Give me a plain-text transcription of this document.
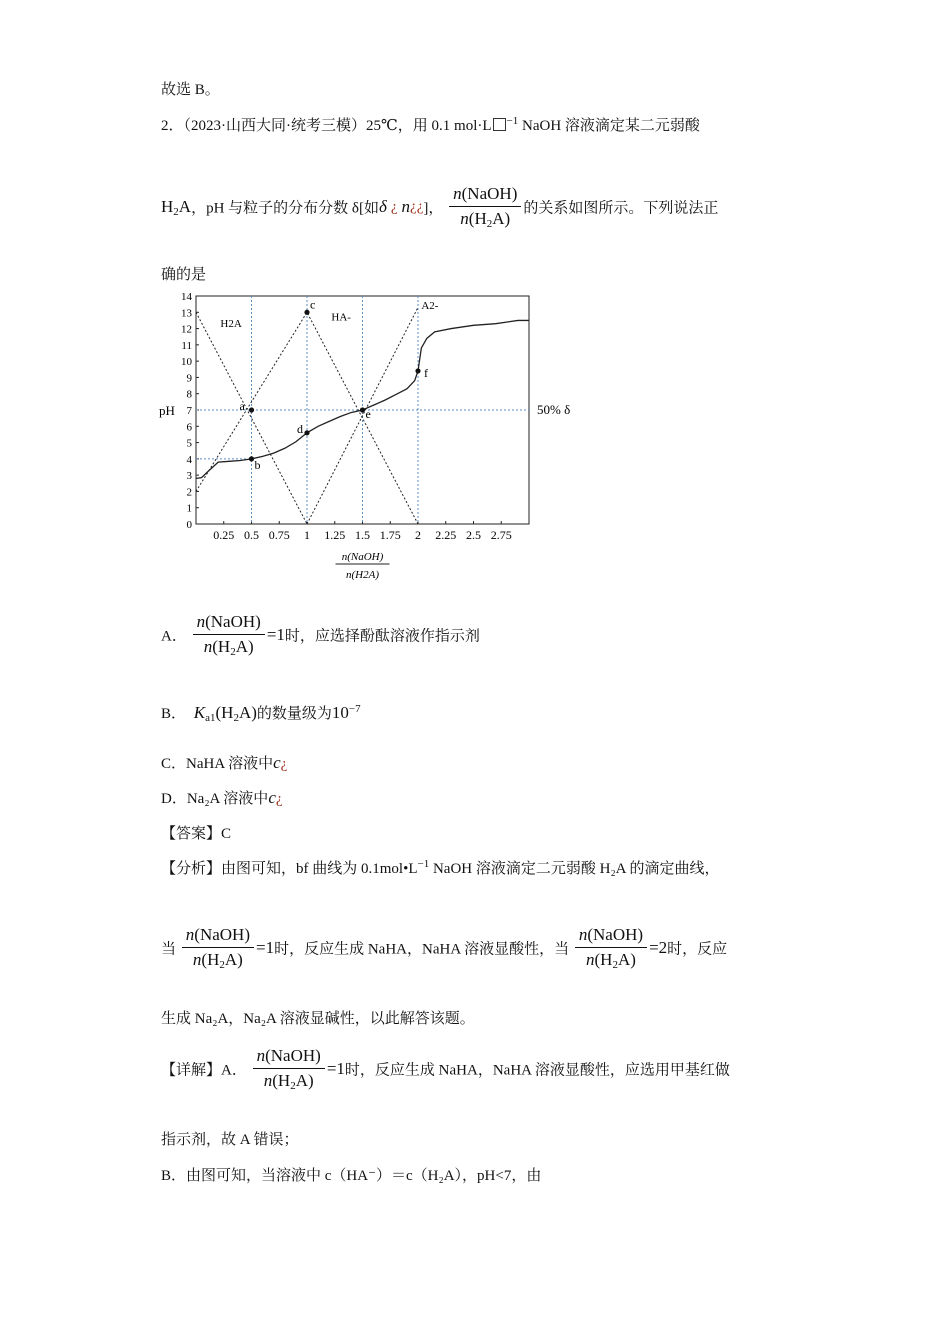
故选 B。
2．（2023·山西大同·统考三模）25℃，用 0.1 mol·L $^{-1}$ NaOH 溶液滴定某二元弱酸
$H_2A$，pH 与粒子的分布分数 δ[如δ ¿ n¿¿]， $\frac{\text{n(NaOH)}}{n(H_2A)}$ 的关系如图所示。下列说法正
确的是
0
1
2
3
4
5
6
7
8
9
10
11
12
13
14
0.25 0.5 0.75 1 1.25 1.5 1.75 2 2.25 2.5 2.75
pH
n(NaOH)
n(H2A)
50% δ
H2A
HA-
A2-
a
b
c
d
e
f
A． $\frac{\text{n(NaOH)}}{n(H_2A)} =1$时，应选择酚酞溶液作指示剂
B． $K_{a1}(H_2A)$的数量级为$10^{-7}$
C．NaHA 溶液中c¿
D．Na₂A 溶液中c¿
【答案】C
【分析】由图可知，bf 曲线为 $0.1mol•L^{-1}$ NaOH 溶液滴定二元弱酸 H₂A 的滴定曲线，
当 $\frac{\text{n(NaOH)}}{n(H_2A)} =1$时，反应生成 NaHA，NaHA 溶液显酸性，当 $\frac{\text{n(NaOH)}}{n(H_2A)} =2$时，反应
生成 Na₂A，Na₂A 溶液显碱性，以此解答该题。
【详解】A． $\frac{\text{n(NaOH)}}{n(H_2A)} =1$时，反应生成 NaHA，NaHA 溶液显酸性，应选用甲基红做
指示剂，故 A 错误；
B．由图可知，当溶液中 c（HA⁻）＝c（H₂A），pH<7，由
